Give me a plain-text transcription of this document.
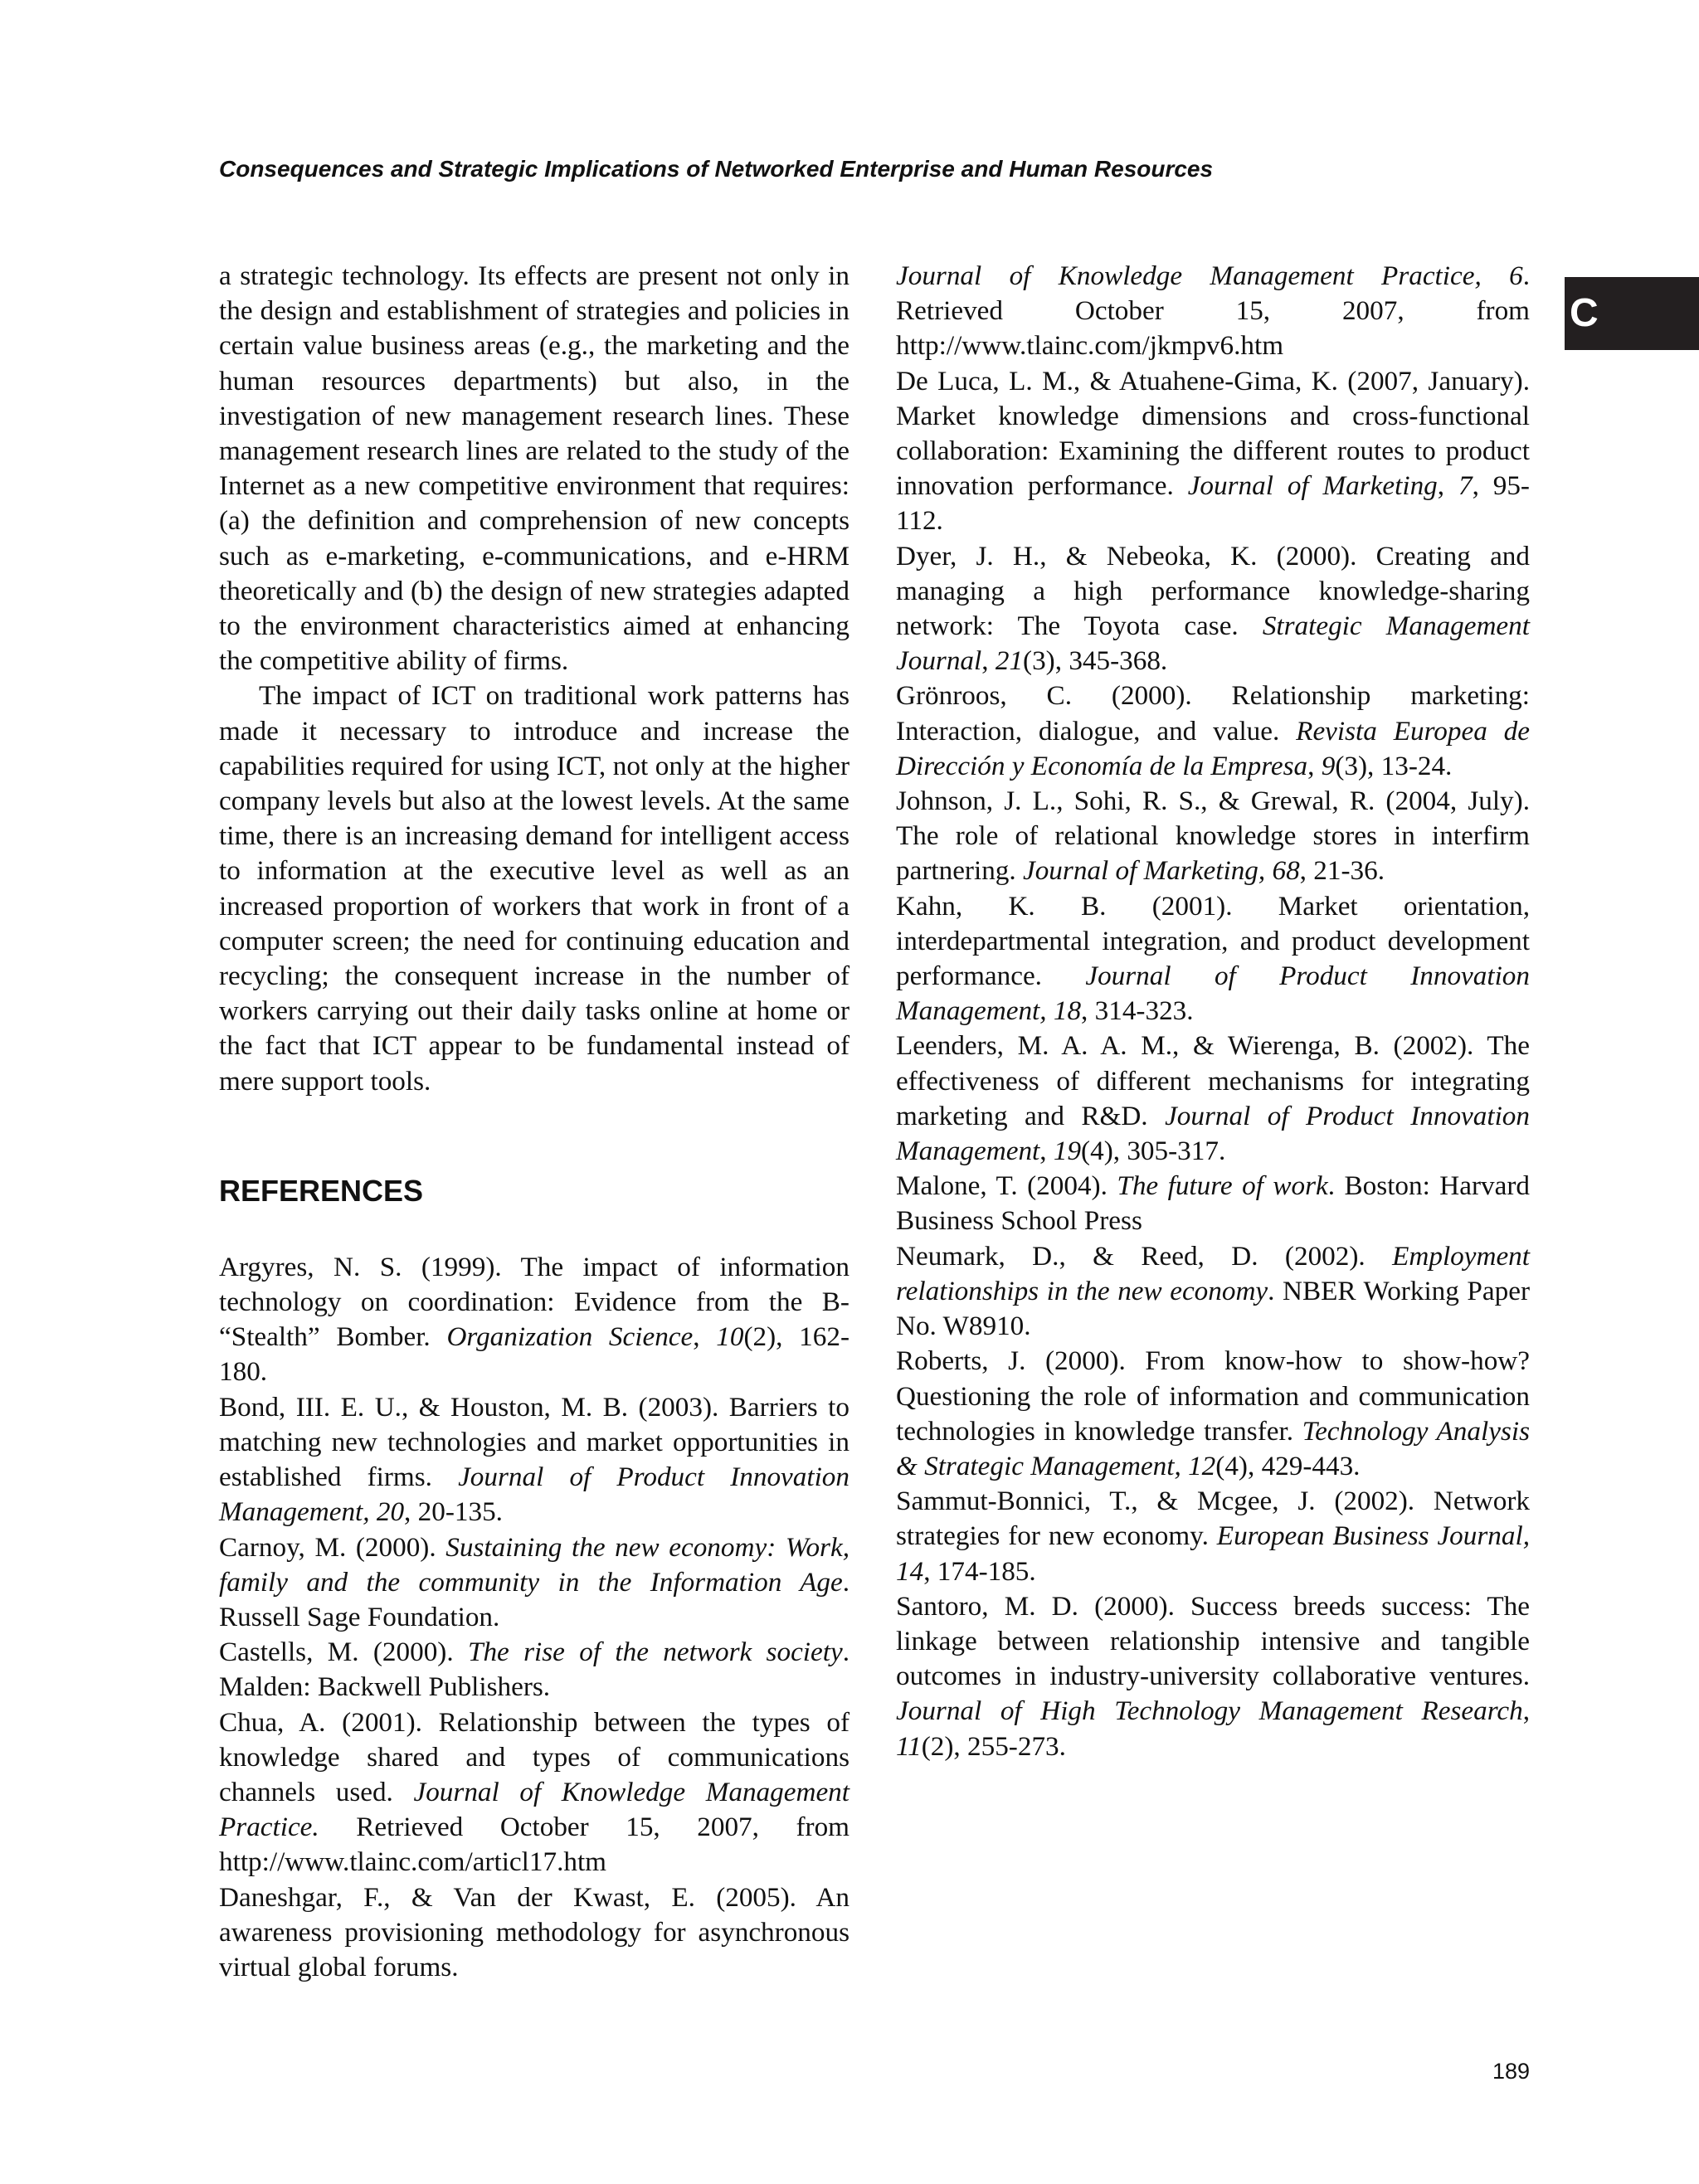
Consequences and Strategic Implications of Networked Enterprise and Human Resources
C

a strategic technology. Its effects are present not only in the design and establishment of strategies and policies in certain value business areas (e.g., the marketing and the human resources departments) but also, in the investigation of new management research lines. These management research lines are related to the study of the Internet as a new competitive environment that requires: (a) the definition and comprehension of new concepts such as e-marketing, e-communications, and e-HRM theoretically and (b) the design of new strategies adapted to the environment characteristics aimed at enhancing the competitive ability of firms.

The impact of ICT on traditional work patterns has made it necessary to introduce and increase the capabilities required for using ICT, not only at the higher company levels but also at the lowest levels. At the same time, there is an increasing demand for intelligent access to information at the executive level as well as an increased proportion of workers that work in front of a computer screen; the need for continuing education and recycling; the consequent increase in the number of workers carrying out their daily tasks online at home or the fact that ICT appear to be fundamental instead of mere support tools.

REFERENCES

Argyres, N. S. (1999). The impact of information technology on coordination: Evidence from the B- “Stealth” Bomber. Organization Science, 10(2), 162-180.

Bond, III. E. U., & Houston, M. B. (2003). Barriers to matching new technologies and market opportunities in established firms. Journal of Product Innovation Management, 20, 20-135.

Carnoy, M. (2000). Sustaining the new economy: Work, family and the community in the Information Age. Russell Sage Foundation.

Castells, M. (2000). The rise of the network society. Malden: Backwell Publishers.

Chua, A. (2001). Relationship between the types of knowledge shared and types of communications channels used. Journal of Knowledge Management Practice. Retrieved October 15, 2007, from http://www.tlainc.com/articl17.htm

Daneshgar, F., & Van der Kwast, E. (2005). An awareness provisioning methodology for asynchronous virtual global forums.

Journal of Knowledge Management Practice, 6. Retrieved October 15, 2007, from http://www.tlainc.com/jkmpv6.htm

De Luca, L. M., & Atuahene-Gima, K. (2007, January). Market knowledge dimensions and cross-functional collaboration: Examining the different routes to product innovation performance. Journal of Marketing, 7, 95-112.

Dyer, J. H., & Nebeoka, K. (2000). Creating and managing a high performance knowledge-sharing network: The Toyota case. Strategic Management Journal, 21(3), 345-368.

Grönroos, C. (2000). Relationship marketing: Interaction, dialogue, and value. Revista Europea de Dirección y Economía de la Empresa, 9(3), 13-24.

Johnson, J. L., Sohi, R. S., & Grewal, R. (2004, July). The role of relational knowledge stores in interfirm partnering. Journal of Marketing, 68, 21-36.

Kahn, K. B. (2001). Market orientation, interdepartmental integration, and product development performance. Journal of Product Innovation Management, 18, 314-323.

Leenders, M. A. A. M., & Wierenga, B. (2002). The effectiveness of different mechanisms for integrating marketing and R&D. Journal of Product Innovation Management, 19(4), 305-317.

Malone, T. (2004). The future of work. Boston: Harvard Business School Press

Neumark, D., & Reed, D. (2002). Employment relationships in the new economy. NBER Working Paper No. W8910.

Roberts, J. (2000). From know-how to show-how? Questioning the role of information and communication technologies in knowledge transfer. Technology Analysis & Strategic Management, 12(4), 429-443.

Sammut-Bonnici, T., & Mcgee, J. (2002). Network strategies for new economy. European Business Journal, 14, 174-185.

Santoro, M. D. (2000). Success breeds success: The linkage between relationship intensive and tangible outcomes in industry-university collaborative ventures. Journal of High Technology Management Research, 11(2), 255-273.

189
